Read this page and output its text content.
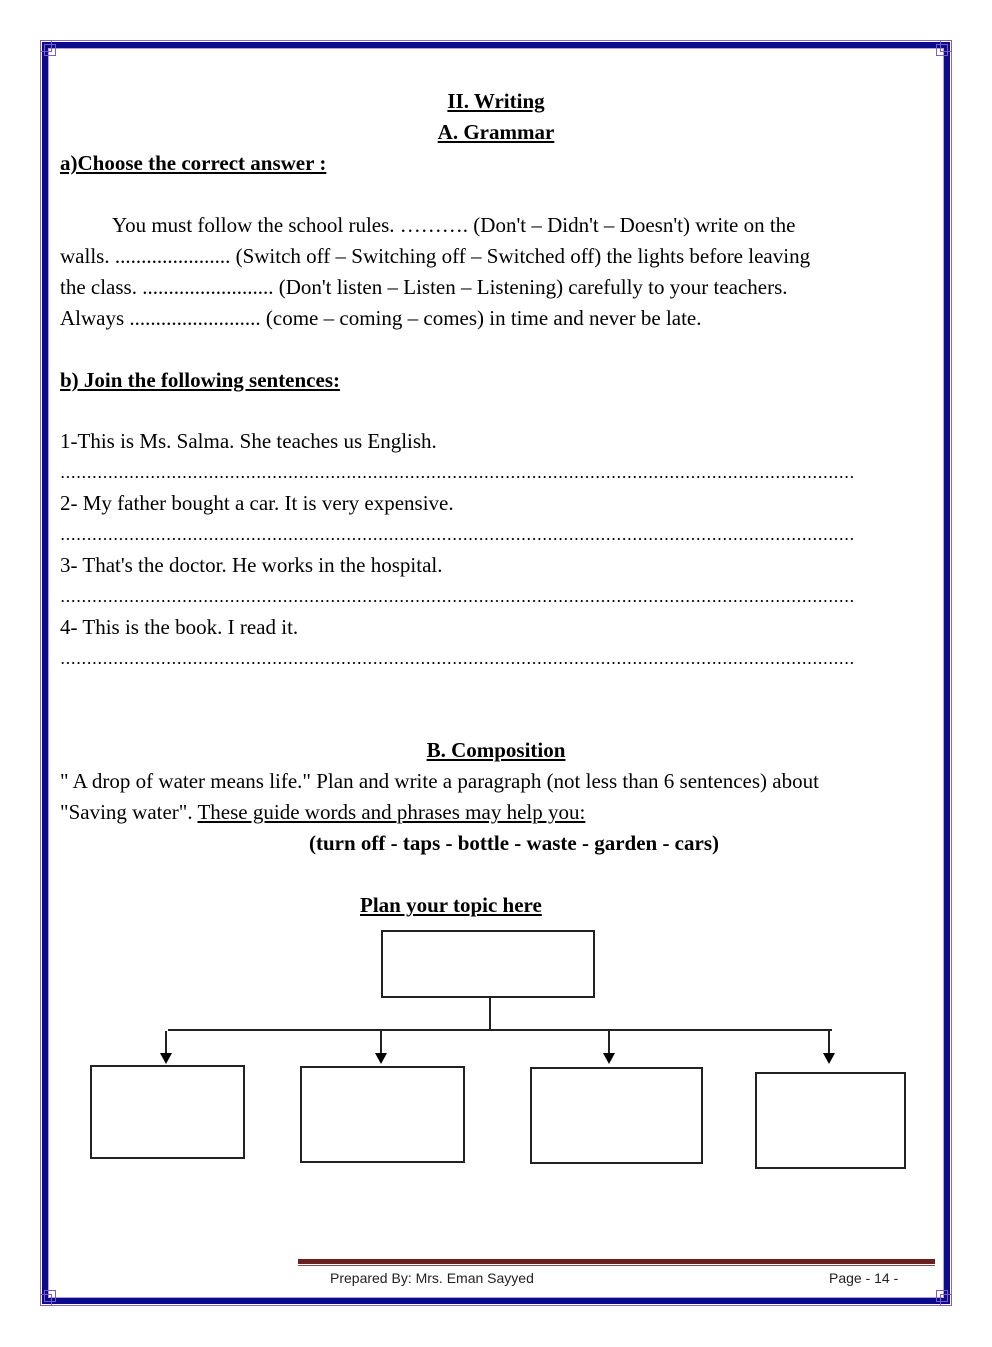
II. Writing
A. Grammar
a)Choose the correct answer :
You must follow the school rules. ………. (Don't – Didn't – Doesn't) write on the
walls. ...................... (Switch off – Switching off – Switched off) the lights before leaving
the class. ......................... (Don't listen – Listen – Listening) carefully to your teachers.
Always ......................... (come – coming – comes) in time and never be late.
b) Join the following sentences:
1-This is Ms. Salma. She teaches us English.
2- My father bought a car. It is very expensive.
3- That's the doctor. He works in the hospital.
4- This is the book. I read it.
B. Composition
" A drop of water means life." Plan and write a paragraph (not less than 6 sentences) about
"Saving water". These guide words and phrases may help you:
(turn off - taps - bottle - waste - garden - cars)
Plan your topic here
Prepared By: Mrs. Eman Sayyed	Page - 14 -
